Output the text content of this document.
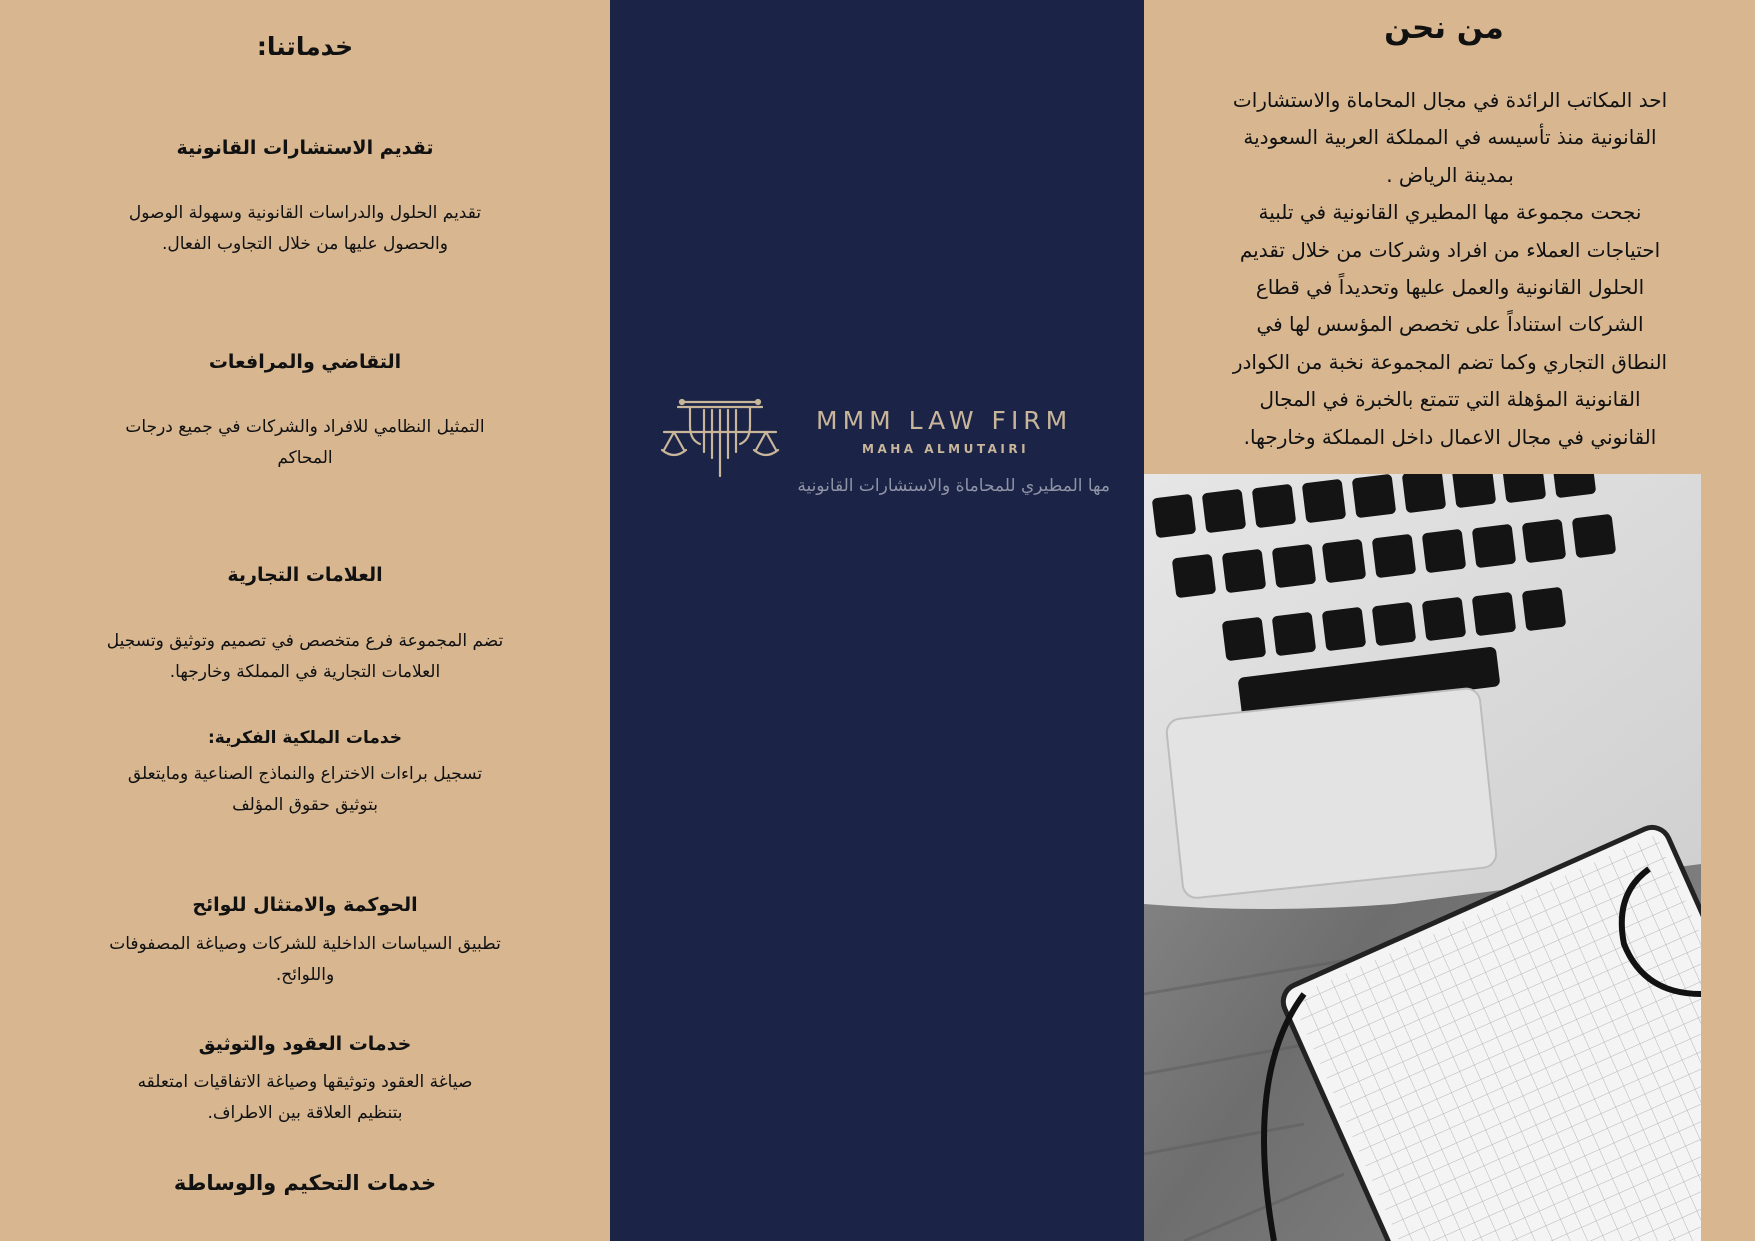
خدماتنا:
تقديم الاستشارات القانونية
تقديم الحلول والدراسات القانونية وسهولة الوصول
والحصول عليها من خلال التجاوب الفعال.
التقاضي والمرافعات
التمثيل النظامي للافراد والشركات في جميع درجات
المحاكم
العلامات التجارية
تضم المجموعة فرع متخصص في تصميم وتوثيق وتسجيل
العلامات التجارية في المملكة وخارجها.
خدمات الملكية الفكرية:
تسجيل براءات الاختراع والنماذج الصناعية ومايتعلق
بتوثيق حقوق المؤلف
الحوكمة والامتثال للوائح
تطبيق السياسات الداخلية للشركات وصياغة المصفوفات
واللوائح.
خدمات العقود والتوثيق
صياغة العقود وتوثيقها وصياغة الاتفاقيات امتعلقه
بتنظيم العلاقة بين الاطراف.
خدمات التحكيم والوساطة
MMM LAW FIRM
MAHA ALMUTAIRI
مها المطيري للمحاماة والاستشارات القانونية
من نحن
احد المكاتب الرائدة في مجال المحاماة والاستشارات
القانونية منذ تأسيسه في المملكة العربية السعودية
بمدينة الرياض .
نجحت مجموعة مها المطيري القانونية في تلبية
احتياجات العملاء من افراد وشركات من خلال تقديم
الحلول القانونية والعمل عليها وتحديداً في قطاع
الشركات استناداً على تخصص المؤسس لها في
النطاق التجاري وكما تضم المجموعة نخبة من الكوادر
القانونية المؤهلة التي تتمتع بالخبرة في المجال
القانوني في مجال الاعمال داخل المملكة وخارجها.
